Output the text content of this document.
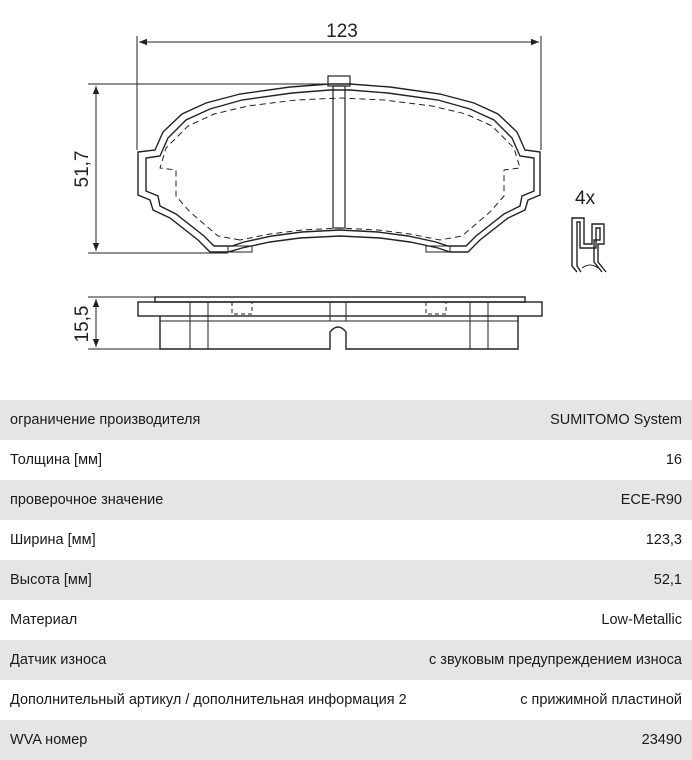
123
51,7
15,5
4x
ограничение производителя	SUMITOMO System
Толщина [мм]	16
проверочное значение	ECE-R90
Ширина [мм]	123,3
Высота [мм]	52,1
Материал	Low-Metallic
Датчик износа	с звуковым предупреждением износа
Дополнительный артикул / дополнительная информация 2	с прижимной пластиной
WVA номер	23490
